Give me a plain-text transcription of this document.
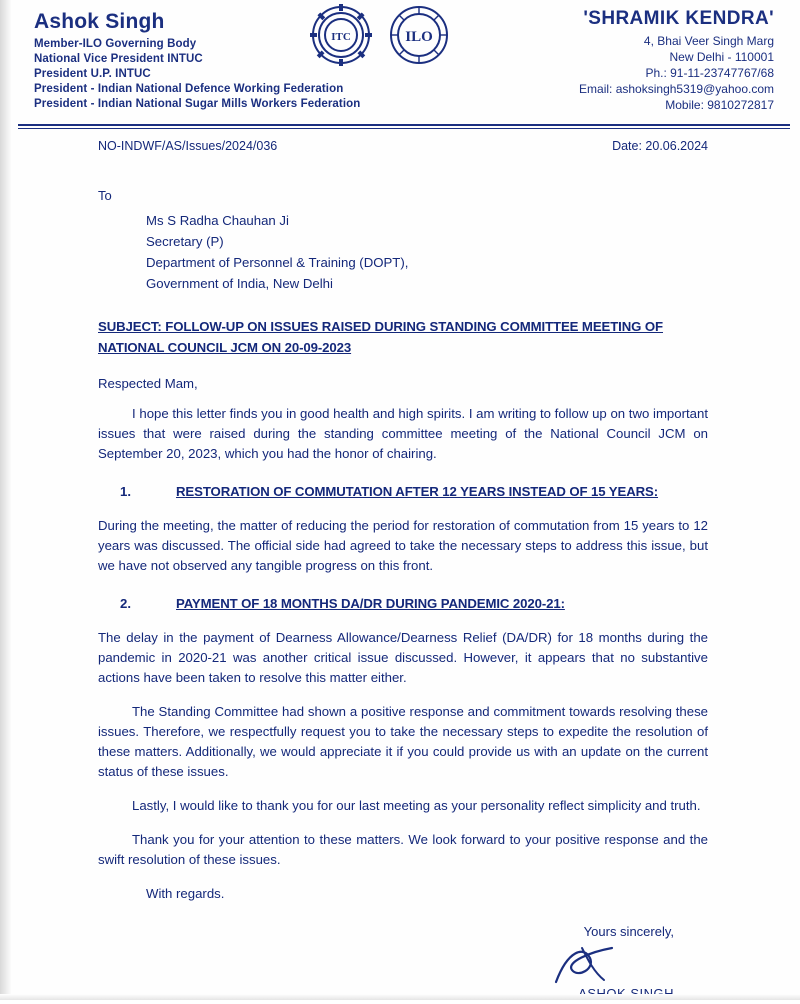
Ashok Singh
Member-ILO Governing Body
National Vice President INTUC
President U.P. INTUC
President - Indian National Defence Working Federation
President - Indian National Sugar Mills Workers Federation
ITC	ILO
'SHRAMIK KENDRA'
4, Bhai Veer Singh Marg
New Delhi - 110001
Ph.: 91-11-23747767/68
Email: ashoksingh5319@yahoo.com
Mobile: 9810272817
NO-INDWF/AS/Issues/2024/036	Date: 20.06.2024
To
Ms S Radha Chauhan Ji
Secretary (P)
Department of Personnel & Training (DOPT),
Government of India, New Delhi
SUBJECT: FOLLOW-UP ON ISSUES RAISED DURING STANDING COMMITTEE MEETING OF NATIONAL COUNCIL JCM ON 20-09-2023
Respected Mam,

I hope this letter finds you in good health and high spirits. I am writing to follow up on two important issues that were raised during the standing committee meeting of the National Council JCM on September 20, 2023, which you had the honor of chairing.

1.	RESTORATION OF COMMUTATION AFTER 12 YEARS INSTEAD OF 15 YEARS:

During the meeting, the matter of reducing the period for restoration of commutation from 15 years to 12 years was discussed. The official side had agreed to take the necessary steps to address this issue, but we have not observed any tangible progress on this front.

2.	PAYMENT OF 18 MONTHS DA/DR DURING PANDEMIC 2020-21:

The delay in the payment of Dearness Allowance/Dearness Relief (DA/DR) for 18 months during the pandemic in 2020-21 was another critical issue discussed. However, it appears that no substantive actions have been taken to resolve this matter either.

The Standing Committee had shown a positive response and commitment towards resolving these issues. Therefore, we respectfully request you to take the necessary steps to expedite the resolution of these matters. Additionally, we would appreciate it if you could provide us with an update on the current status of these issues.

Lastly, I would like to thank you for our last meeting as your personality reflect simplicity and truth.

Thank you for your attention to these matters. We look forward to your positive response and the swift resolution of these issues.

With regards.
Yours sincerely,
